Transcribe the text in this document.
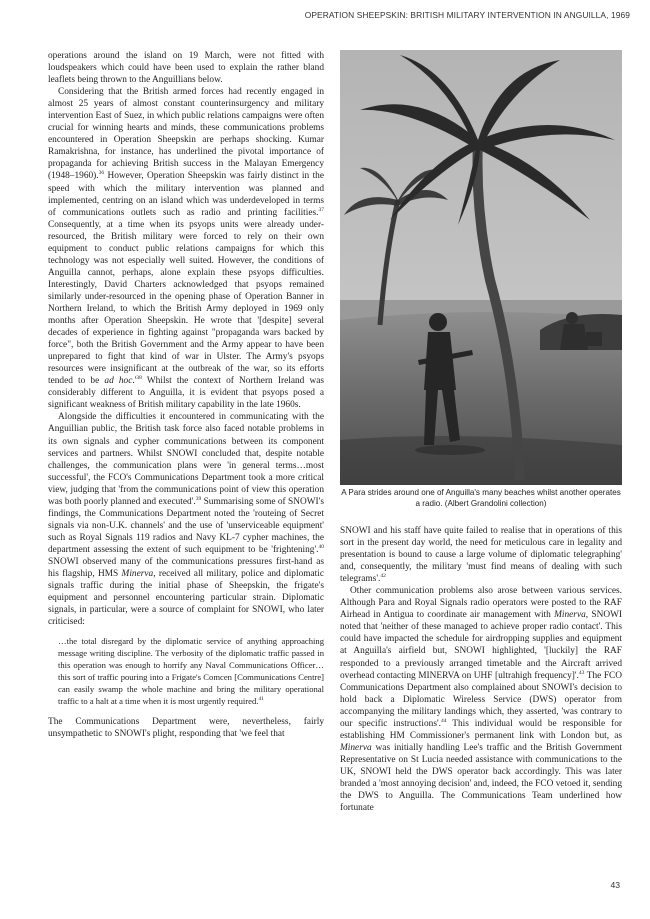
OPERATION SHEEPSKIN: BRITISH MILITARY INTERVENTION IN ANGUILLA, 1969

operations around the island on 19 March, were not fitted with loudspeakers which could have been used to explain the rather bland leaflets being thrown to the Anguillians below.

Considering that the British armed forces had recently engaged in almost 25 years of almost constant counterinsurgency and military intervention East of Suez, in which public relations campaigns were often crucial for winning hearts and minds, these communications problems encountered in Operation Sheepskin are perhaps shocking. Kumar Ramakrishna, for instance, has underlined the pivotal importance of propaganda for achieving British success in the Malayan Emergency (1948–1960).$^{36}$ However, Operation Sheepskin was fairly distinct in the speed with which the military intervention was planned and implemented, centring on an island which was underdeveloped in terms of communications outlets such as radio and printing facilities.$^{37}$ Consequently, at a time when its psyops units were already under-resourced, the British military were forced to rely on their own equipment to conduct public relations campaigns for which this technology was not especially well suited. However, the conditions of Anguilla cannot, perhaps, alone explain these psyops difficulties. Interestingly, David Charters acknowledged that psyops remained similarly under-resourced in the opening phase of Operation Banner in Northern Ireland, to which the British Army deployed in 1969 only months after Operation Sheepskin. He wrote that '[despite] several decades of experience in fighting against "propaganda wars backed by force", both the British Government and the Army appear to have been unprepared to fight that kind of war in Ulster. The Army's psyops resources were insignificant at the outbreak of the war, so its efforts tended to be ad $hoc.'^{38}$ Whilst the context of Northern Ireland was considerably different to Anguilla, it is evident that psyops posed a significant weakness of British military capability in the late 1960s.

Alongside the difficulties it encountered in communicating with the Anguillian public, the British task force also faced notable problems in its own signals and cypher communications between its component services and partners. Whilst SNOWI concluded that, despite notable challenges, the communication plans were 'in general terms…most successful', the FCO's Communications Department took a more critical view, judging that 'from the communications point of view this operation was both poorly planned and executed'.$^{39}$ Summarising some of SNOWI's findings, the Communications Department noted the 'routeing of Secret signals via non-U.K. channels' and the use of 'unserviceable equipment' such as Royal Signals 119 radios and Navy KL-7 cypher machines, the department assessing the extent of such equipment to be 'frightening'.$^{40}$ SNOWI observed many of the communications pressures first-hand as his flagship, HMS Minerva, received all military, police and diplomatic signals traffic during the initial phase of Sheepskin, the frigate's equipment and personnel encountering particular strain. Diplomatic signals, in particular, were a source of complaint for SNOWI, who later criticised:

…the total disregard by the diplomatic service of anything approaching message writing discipline. The verbosity of the diplomatic traffic passed in this operation was enough to horrify any Naval Communications Officer…this sort of traffic pouring into a Frigate's Comcen [Communications Centre] can easily swamp the whole machine and bring the military operational traffic to a halt at a time when it is most urgently required.$^{41}$

The Communications Department were, nevertheless, fairly unsympathetic to SNOWI's plight, responding that 'we feel that

A Para strides around one of Anguilla's many beaches whilst another operates a radio. (Albert Grandolini collection)

SNOWI and his staff have quite failed to realise that in operations of this sort in the present day world, the need for meticulous care in legality and presentation is bound to cause a large volume of diplomatic telegraphing' and, consequently, the military 'must find means of dealing with such telegrams'.$^{42}$

Other communication problems also arose between various services. Although Para and Royal Signals radio operators were posted to the RAF Airhead in Antigua to coordinate air management with Minerva, SNOWI noted that 'neither of these managed to achieve proper radio contact'. This could have impacted the schedule for airdropping supplies and equipment at Anguilla's airfield but, SNOWI highlighted, '[luckily] the RAF responded to a previously arranged timetable and the Aircraft arrived overhead contacting MINERVA on UHF [ultrahigh frequency]'.$^{43}$ The FCO Communications Department also complained about SNOWI's decision to hold back a Diplomatic Wireless Service (DWS) operator from accompanying the military landings which, they asserted, 'was contrary to our specific instructions'.$^{44}$ This individual would be responsible for establishing HM Commissioner's permanent link with London but, as Minerva was initially handling Lee's traffic and the British Government Representative on St Lucia needed assistance with communications to the UK, SNOWI held the DWS operator back accordingly. This was later branded a 'most annoying decision' and, indeed, the FCO vetoed it, sending the DWS to Anguilla. The Communications Team underlined how fortunate

43
